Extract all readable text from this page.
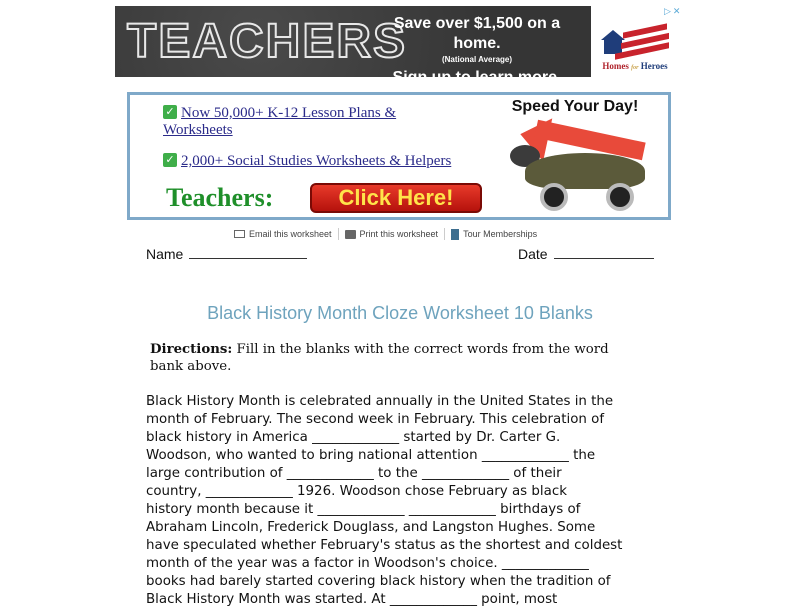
TEACHERS
Save over $1,500 on a home.
(National Average)
Sign up to learn more.
Homes for Heroes
▷✕
✓ Now 50,000+ K-12 Lesson Plans &
Worksheets
✓ 2,000+ Social Studies Worksheets & Helpers
Teachers:	Click Here!
Speed Your Day!
Email this worksheet	Print this worksheet	Tour Memberships
Name	Date
Black History Month Cloze Worksheet 10 Blanks
Directions: Fill in the blanks with the correct words from the word
bank above.
Black History Month is celebrated annually in the United States in the
month of February. The second week in February. This celebration of
black history in America _____________ started by Dr. Carter G.
Woodson, who wanted to bring national attention _____________ the
large contribution of _____________ to the _____________ of their
country, _____________ 1926. Woodson chose February as black
history month because it _____________ _____________ birthdays of
Abraham Lincoln, Frederick Douglass, and Langston Hughes. Some
have speculated whether February's status as the shortest and coldest
month of the year was a factor in Woodson's choice. _____________
books had barely started covering black history when the tradition of
Black History Month was started. At _____________ point, most
